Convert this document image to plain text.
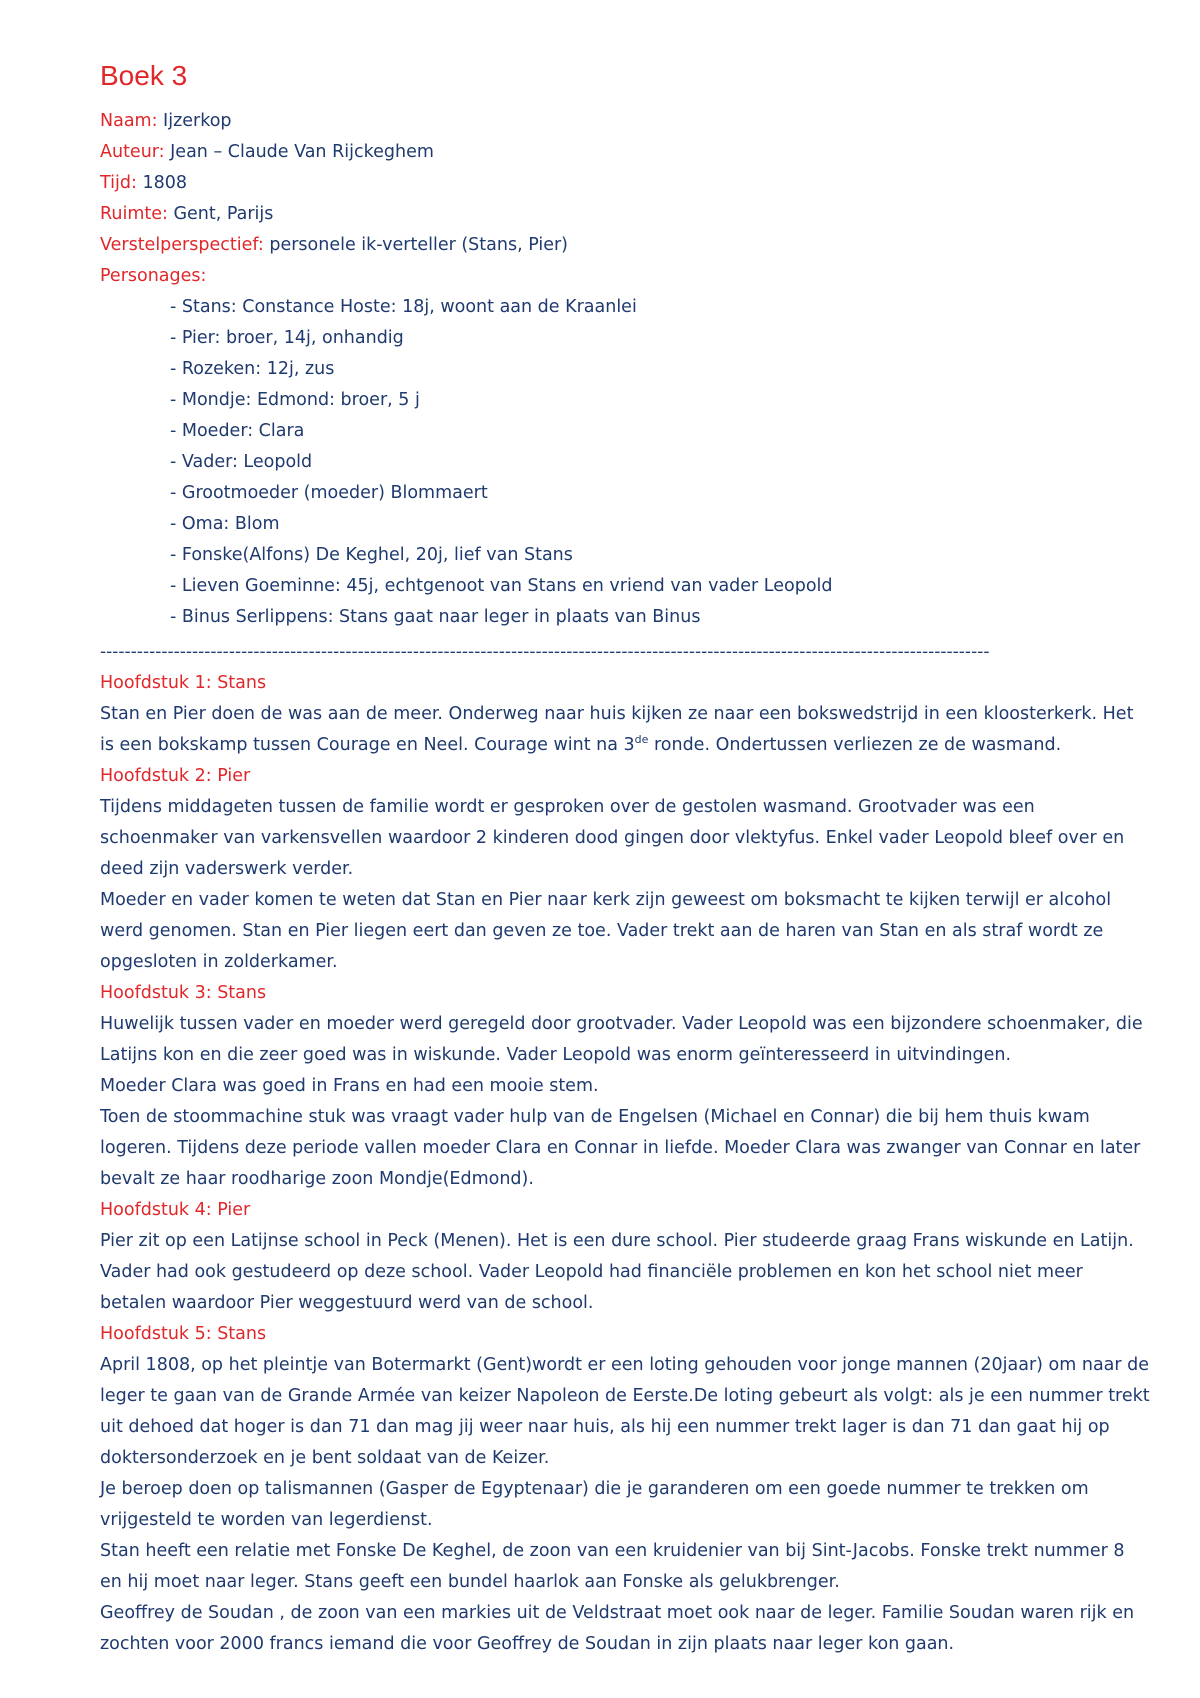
Boek 3
Naam: Ijzerkop
Auteur: Jean – Claude Van Rijckeghem
Tijd: 1808
Ruimte: Gent, Parijs
Verstelperspectief: personele ik-verteller (Stans, Pier)
Personages:
- Stans: Constance Hoste: 18j, woont aan de Kraanlei
- Pier: broer, 14j, onhandig
- Rozeken: 12j, zus
- Mondje: Edmond: broer, 5 j
- Moeder: Clara
- Vader: Leopold
- Grootmoeder (moeder) Blommaert
- Oma: Blom
- Fonske(Alfons) De Keghel, 20j, lief van Stans
- Lieven Goeminne: 45j, echtgenoot van Stans en vriend van vader Leopold
- Binus Serlippens: Stans gaat naar leger in plaats van Binus
-------------------------------------------------------------------------------------------------------------------------------------------------
Hoofdstuk 1: Stans

Stan en Pier doen de was aan de meer. Onderweg naar huis kijken ze naar een bokswedstrijd in een kloosterkerk. Het is een bokskamp tussen Courage en Neel. Courage wint na 3de ronde. Ondertussen verliezen ze de wasmand.

Hoofdstuk 2: Pier

Tijdens middageten tussen de familie wordt er gesproken over de gestolen wasmand. Grootvader was een schoenmaker van varkensvellen waardoor 2 kinderen dood gingen door vlektyfus. Enkel vader Leopold bleef over en deed zijn vaderswerk verder.

Moeder en vader komen te weten dat Stan en Pier naar kerk zijn geweest om boksmacht te kijken terwijl er alcohol werd genomen. Stan en Pier liegen eert dan geven ze toe. Vader trekt aan de haren van Stan en als straf wordt ze opgesloten in zolderkamer.

Hoofdstuk 3: Stans

Huwelijk tussen vader en moeder werd geregeld door grootvader. Vader Leopold was een bijzondere schoenmaker, die Latijns kon en die zeer goed was in wiskunde. Vader Leopold was enorm geïnteresseerd in uitvindingen.

Moeder Clara was goed in Frans en had een mooie stem.

Toen de stoommachine stuk was vraagt vader hulp van de Engelsen (Michael en Connar) die bij hem thuis kwam logeren. Tijdens deze periode vallen moeder Clara en Connar in liefde. Moeder Clara was zwanger van Connar en later bevalt ze haar roodharige zoon Mondje(Edmond).

Hoofdstuk 4: Pier

Pier zit op een Latijnse school in Peck (Menen). Het is een dure school. Pier studeerde graag Frans wiskunde en Latijn. Vader had ook gestudeerd op deze school. Vader Leopold had financiële problemen en kon het school niet meer betalen waardoor Pier weggestuurd werd van de school.

Hoofdstuk 5: Stans

April 1808, op het pleintje van Botermarkt (Gent)wordt er een loting gehouden voor jonge mannen (20jaar) om naar de leger te gaan van de Grande Armée van keizer Napoleon de Eerste.De loting gebeurt als volgt: als je een nummer trekt uit dehoed dat hoger is dan 71 dan mag jij weer naar huis, als hij een nummer trekt lager is dan 71 dan gaat hij op doktersonderzoek en je bent soldaat van de Keizer.

Je beroep doen op talismannen (Gasper de Egyptenaar) die je garanderen om een goede nummer te trekken om vrijgesteld te worden van legerdienst.

Stan heeft een relatie met Fonske De Keghel, de zoon van een kruidenier van bij Sint-Jacobs. Fonske trekt nummer 8 en hij moet naar leger. Stans geeft een bundel haarlok aan Fonske als gelukbrenger.

Geoffrey de Soudan , de zoon van een markies uit de Veldstraat moet ook naar de leger. Familie Soudan waren rijk en zochten voor 2000 francs iemand die voor Geoffrey de Soudan in zijn plaats naar leger kon gaan.
